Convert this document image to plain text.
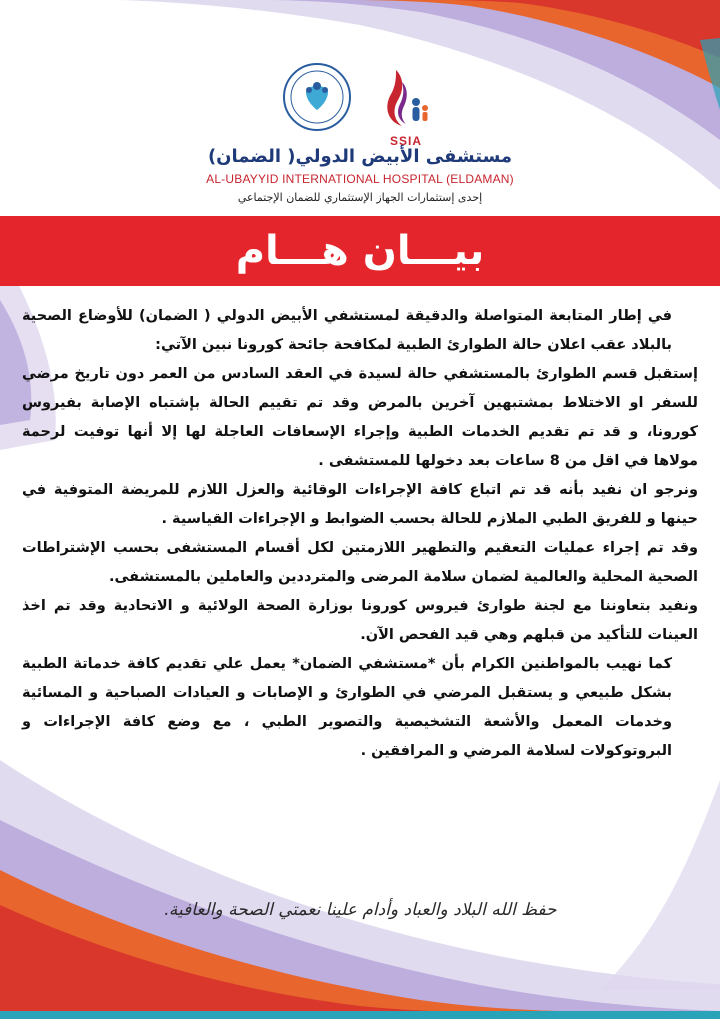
SSIA
مستشفى الأبيض الدولي( الضمان)
AL-UBAYYID INTERNATIONAL HOSPITAL (ELDAMAN)
إحدى إستثمارات الجهاز الإستثماري للضمان الإجتماعي
بيـــان هـــام

في إطار المتابعة المتواصلة والدقيقة لمستشفي الأبيض الدولي ( الضمان) للأوضاع الصحية بالبلاد عقب اعلان حالة الطوارئ الطبية لمكافحة جائحة كورونا نبين الآتي:

إستقبل قسم الطوارئ بالمستشفي حالة لسيدة في العقد السادس من العمر دون تاريخ مرضي للسفر او الاختلاط بمشتبهين آخرين بالمرض وقد تم تقييم الحالة بإشتباه الإصابة بفيروس كورونا، و قد تم تقديم الخدمات الطبية وإجراء الإسعافات العاجلة لها إلا أنها توفيت لرحمة مولاها في اقل من 8 ساعات بعد دخولها للمستشفى .

ونرجو ان نفيد بأنه قد تم اتباع كافة الإجراءات الوقائية والعزل اللازم للمريضة المتوفية في حينها و للفريق الطبي الملازم للحالة بحسب الضوابط و الإجراءات القياسية .

وقد تم إجراء عمليات التعقيم والتطهير اللازمتين لكل أقسام المستشفى بحسب الإشتراطات الصحية المحلية والعالمية لضمان سلامة المرضى والمترددين والعاملين بالمستشفى.

ونفيد بتعاوننا مع لجنة طوارئ فيروس كورونا بوزارة الصحة الولائية و الاتحادية وقد تم اخذ العينات للتأكيد من قبلهم وهي قيد الفحص الآن.

كما نهيب بالمواطنين الكرام بأن *مستشفي الضمان* يعمل علي تقديم كافة خدماتة الطبية بشكل طبيعي و يستقبل المرضي في الطوارئ و الإصابات و العيادات الصباحية و المسائية وخدمات المعمل والأشعة التشخيصية والتصوير الطبي ، مع وضع كافة الإجراءات و البروتوكولات لسلامة المرضي و المرافقين .

حفظ الله البلاد والعباد وأدام علينا نعمتي الصحة والعافية.
